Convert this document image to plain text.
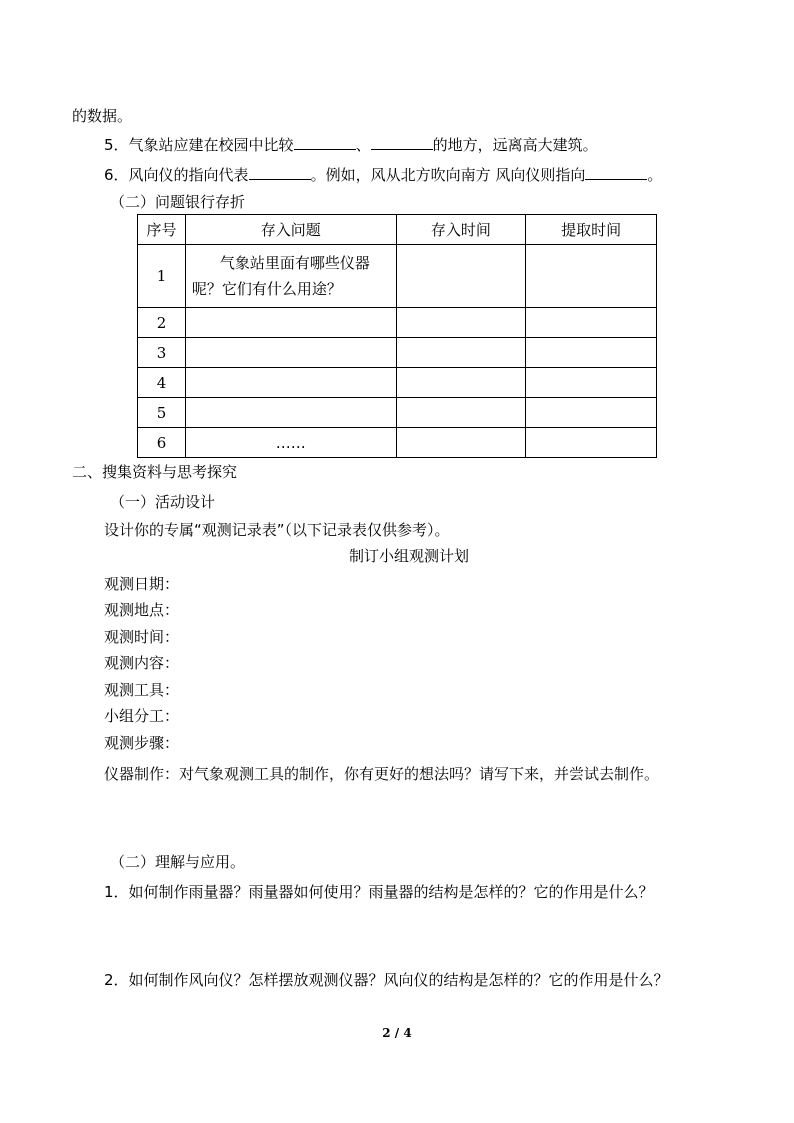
的数据。
5．气象站应建在校园中比较	、	的地方，远离高大建筑。
6．风向仪的指向代表	。例如，风从北方吹向南方 风向仪则指向	。
（二）问题银行存折
序号	存入问题	存入时间	提取时间
1	气象站里面有哪些仪器
呢？它们有什么用途？		

2			
3			
4			
5			
6	……		
二、搜集资料与思考探究
（一）活动设计
设计你的专属“观测记录表”（以下记录表仅供参考）。
制订小组观测计划
观测日期：
观测地点：
观测时间：
观测内容：
观测工具：
小组分工：
观测步骤：
仪器制作：对气象观测工具的制作，你有更好的想法吗？请写下来，并尝试去制作。
（二）理解与应用。
1．如何制作雨量器？雨量器如何使用？雨量器的结构是怎样的？它的作用是什么？
2．如何制作风向仪？怎样摆放观测仪器？风向仪的结构是怎样的？它的作用是什么？
2 / 4
